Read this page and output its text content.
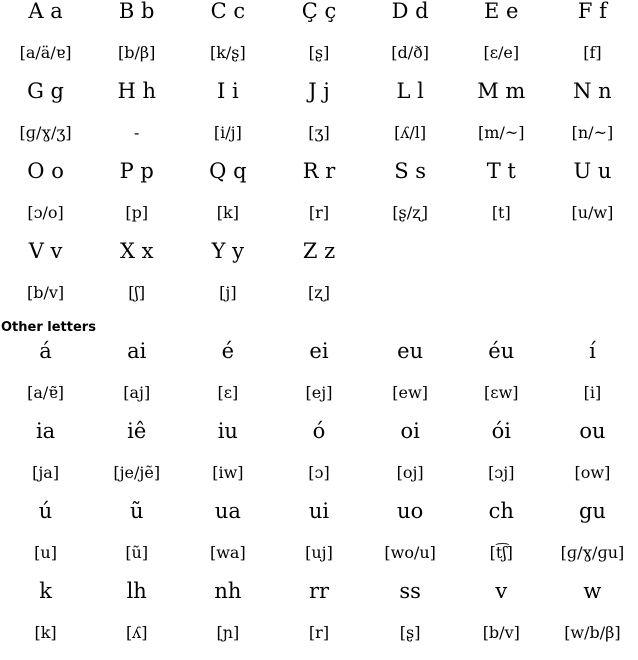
A a	B b	C c	Ç ç	D d	E e	F f
[a/ä/ɐ]	[b/β]	[k/ʂ]	[ʂ]	[d/ð]	[ɛ/e]	[f]
G g	H h	I i	J j	L l	M m	N n
[ɡ/ɣ/ʒ]	-	[i/j]	[ʒ]	[ʎ/l]	[m/~]	[n/~]
O o	P p	Q q	R r	S s	T t	U u
[ɔ/o]	[p]	[k]	[r]	[ʂ/ʐ]	[t]	[u/w]
V v	X x	Y y	Z z
[b/v]	[ʃ]	[j]	[ʐ]
Other letters
á	ai	é	ei	eu	éu	í
[a/ɐ̃]	[aj]	[ɛ]	[ej]	[ew]	[ɛw]	[i]
ia	iê	iu	ó	oi	ói	ou
[ja]	[je/jẽ]	[iw]	[ɔ]	[oj]	[ɔj]	[ow]
ú	ũ	ua	ui	uo	ch	gu
[u]	[ũ]	[wa]	[uj]	[wo/u]	[t͡ʃ]	[ɡ/ɣ/ɡu]
k	lh	nh	rr	ss	v	w
[k]	[ʎ]	[ɲ]	[r]	[ʂ]	[b/v]	[w/b/β]
